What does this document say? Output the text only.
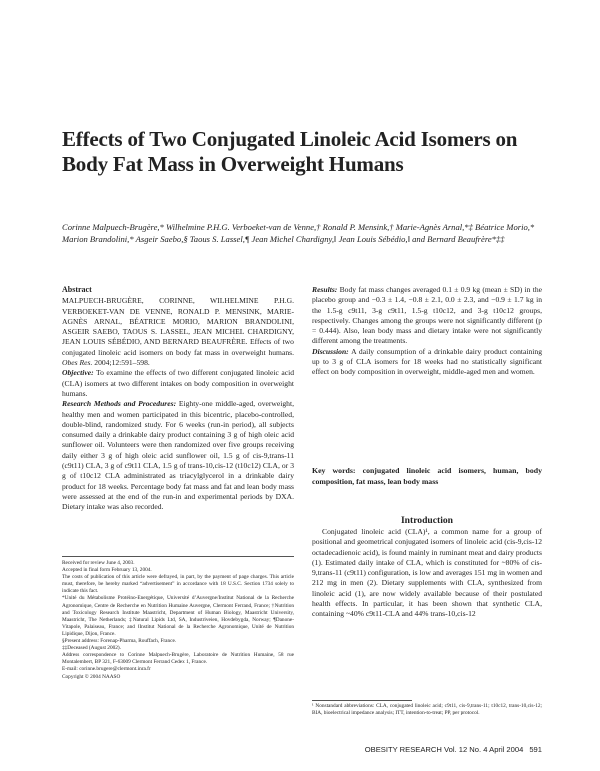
Effects of Two Conjugated Linoleic Acid Isomers on Body Fat Mass in Overweight Humans
Corinne Malpuech-Brugère,* Wilhelmine P.H.G. Verboeket-van de Venne,† Ronald P. Mensink,† Marie-Agnès Arnal,*‡ Béatrice Morio,* Marion Brandolini,* Asgeir Saebo,§ Taous S. Lassel,¶ Jean Michel Chardigny,‖ Jean Louis Sébédio,‖ and Bernard Beaufrère*‡‡

Abstract

MALPUECH-BRUGÈRE, CORINNE, WILHELMINE P.H.G. VERBOEKET-VAN DE VENNE, RONALD P. MENSINK, MARIE-AGNÈS ARNAL, BÉATRICE MORIO, MARION BRANDOLINI, ASGEIR SAEBO, TAOUS S. LASSEL, JEAN MICHEL CHARDIGNY, JEAN LOUIS SÉBÉDIO, AND BERNARD BEAUFRÈRE. Effects of two conjugated linoleic acid isomers on body fat mass in overweight humans. Obes Res. 2004;12:591–598.

Objective: To examine the effects of two different conjugated linoleic acid (CLA) isomers at two different intakes on body composition in overweight humans.

Research Methods and Procedures: Eighty-one middle-aged, overweight, healthy men and women participated in this bicentric, placebo-controlled, double-blind, randomized study. For 6 weeks (run-in period), all subjects consumed daily a drinkable dairy product containing 3 g of high oleic acid sunflower oil. Volunteers were then randomized over five groups receiving daily either 3 g of high oleic acid sunflower oil, 1.5 g of cis-9,trans-11 (c9t11) CLA, 3 g of c9t11 CLA, 1.5 g of trans-10,cis-12 (t10c12) CLA, or 3 g of t10c12 CLA administrated as triacylglycerol in a drinkable dairy product for 18 weeks. Percentage body fat mass and fat and lean body mass were assessed at the end of the run-in and experimental periods by DXA. Dietary intake was also recorded.

Results: Body fat mass changes averaged 0.1 ± 0.9 kg (mean ± SD) in the placebo group and −0.3 ± 1.4, −0.8 ± 2.1, 0.0 ± 2.3, and −0.9 ± 1.7 kg in the 1.5-g c9t11, 3-g c9t11, 1.5-g t10c12, and 3-g t10c12 groups, respectively. Changes among the groups were not significantly different (p = 0.444). Also, lean body mass and dietary intake were not significantly different among the treatments.

Discussion: A daily consumption of a drinkable dairy product containing up to 3 g of CLA isomers for 18 weeks had no statistically significant effect on body composition in overweight, middle-aged men and women.

Key words: conjugated linoleic acid isomers, human, body composition, fat mass, lean body mass
Introduction
Conjugated linoleic acid (CLA)¹, a common name for a group of positional and geometrical conjugated isomers of linoleic acid (cis-9,cis-12 octadecadienoic acid), is found mainly in ruminant meat and dairy products (1). Estimated daily intake of CLA, which is constituted for ~80% of cis-9,trans-11 (c9t11) configuration, is low and averages 151 mg in women and 212 mg in men (2). Dietary supplements with CLA, synthesized from linoleic acid (1), are now widely available because of their postulated health effects. In particular, it has been shown that synthetic CLA, containing ~40% c9t11-CLA and 44% trans-10,cis-12

Received for review June 4, 2003.

Accepted in final form February 13, 2004.

The costs of publication of this article were defrayed, in part, by the payment of page charges. This article must, therefore, be hereby marked “advertisement” in accordance with 18 U.S.C. Section 1734 solely to indicate this fact.

*Unité du Métabolisme Protéino-Energétique, Université d’Auvergne/Institut National de la Recherche Agronomique, Centre de Recherche en Nutrition Humaine Auvergne, Clermont Ferrand, France; †Nutrition and Toxicology Research Institute Maastricht, Department of Human Biology, Maastricht University, Maastricht, The Netherlands; ‡Natural Lipids Ltd, SA, Industriveien, Hovdebygda, Norway; ¶Danone-Vitapole, Palaiseau, France; and ‖Institut National de la Recherche Agronomique, Unité de Nutrition Lipidique, Dijon, France.

§Present address: Forenap-Pharma, Rouffach, France.

‡‡Deceased (August 2002).

Address correspondence to Corinne Malpuech-Brugère, Laboratoire de Nutrition Humaine, 58 rue Montalembert, BP 321, F-63009 Clermont Ferrand Cedex 1, France.

E-mail: corinne.brugere@clermont.inra.fr

Copyright © 2004 NAASO

¹ Nonstandard abbreviations: CLA, conjugated linoleic acid; c9t11, cis-9,trans-11; t10c12, trans-10,cis-12; BIA, bioelectrical impedance analysis; ITT, intention-to-treat; PP, per protocol.
OBESITY RESEARCH Vol. 12 No. 4 April 2004 591
